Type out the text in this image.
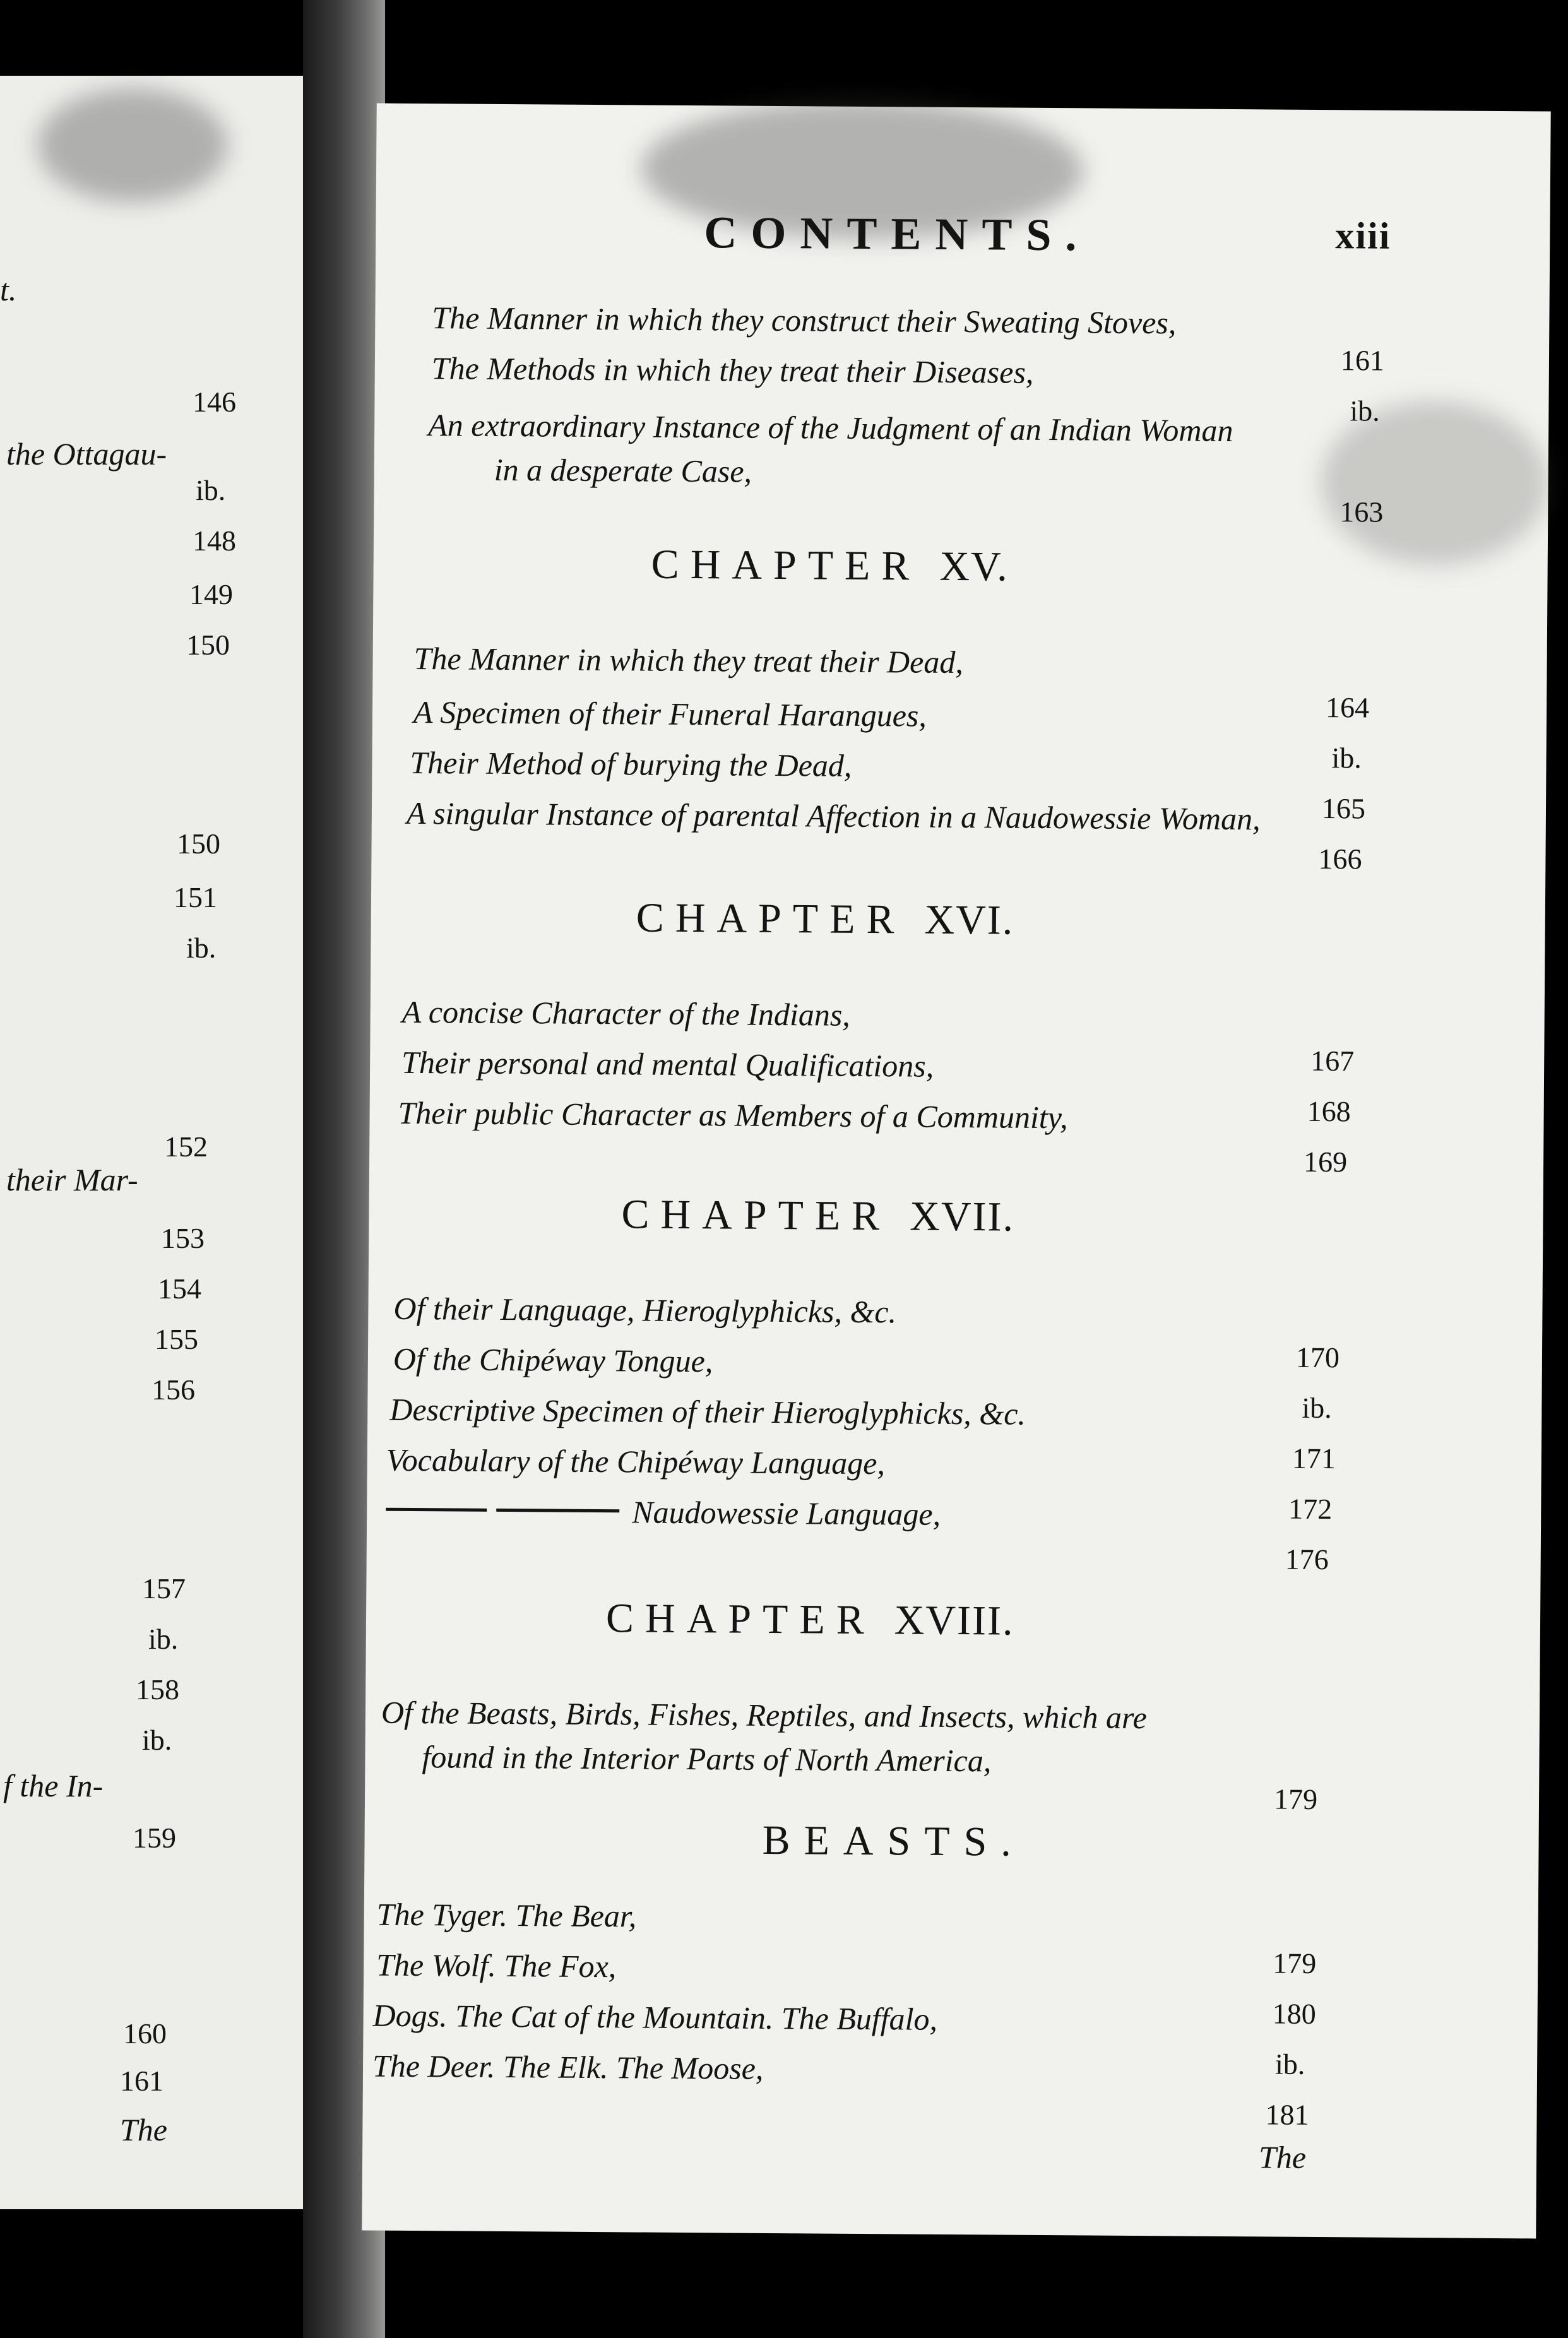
t.
the Ottagau-
their Mar-
f the In-
146
ib.
148
149
150
150
151
ib.
152
153
154
155
156
157
ib.
158
ib.
159
160
161
The
CONTENTS.	xiii
The Manner in which they construct their Sweating Stoves,
161
The Methods in which they treat their Diseases,
ib.
An extraordinary Instance of the Judgment of an Indian Woman
in a desperate Case,
163
CHAPTER XV.
The Manner in which they treat their Dead,
164
A Specimen of their Funeral Harangues,
ib.
Their Method of burying the Dead,
165
A singular Instance of parental Affection in a Naudowessie Woman,
166
CHAPTER XVI.
A concise Character of the Indians,
167
Their personal and mental Qualifications,
168
Their public Character as Members of a Community,
169
CHAPTER XVII.
Of their Language, Hieroglyphicks, &c.
170
Of the Chipéway Tongue,
ib.
Descriptive Specimen of their Hieroglyphicks, &c.
171
Vocabulary of the Chipéway Language,
172
Naudowessie Language,
176
CHAPTER XVIII.
Of the Beasts, Birds, Fishes, Reptiles, and Insects, which are
found in the Interior Parts of North America,
179
BEASTS.
The Tyger. The Bear,
179
The Wolf. The Fox,
180
Dogs. The Cat of the Mountain. The Buffalo,
ib.
The Deer. The Elk. The Moose,
181
The
